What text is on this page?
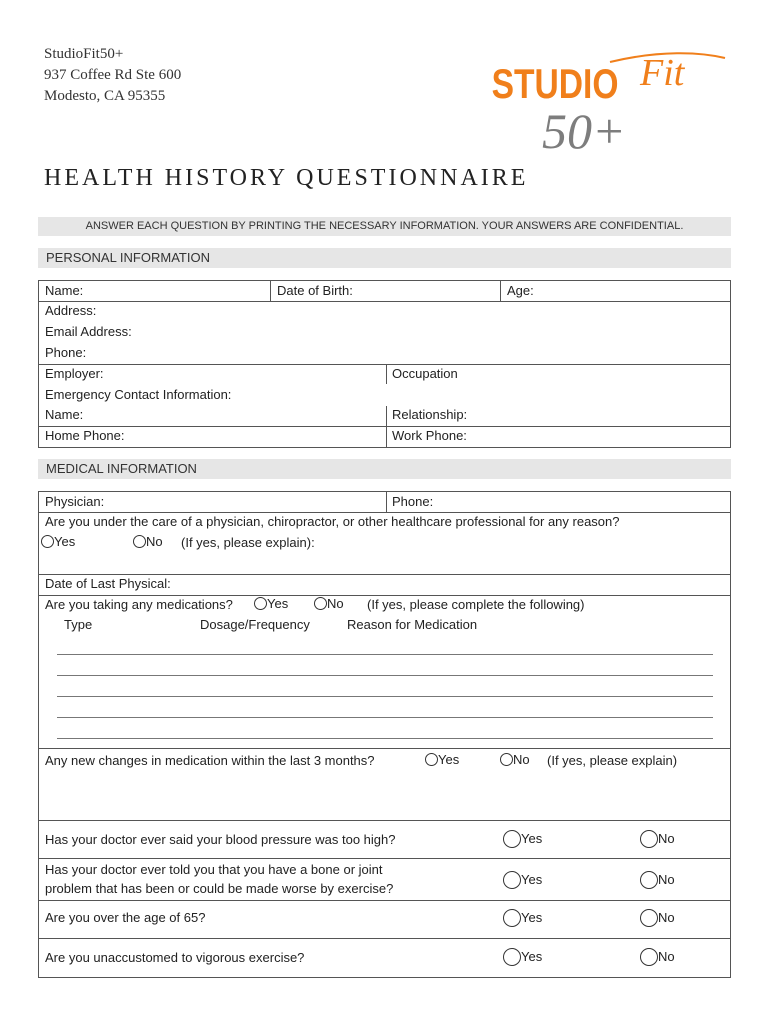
StudioFit50+
937 Coffee Rd Ste 600
Modesto, CA 95355	STUDIO Fit
50+
HEALTH HISTORY QUESTIONNAIRE
ANSWER EACH QUESTION BY PRINTING THE NECESSARY INFORMATION. YOUR ANSWERS ARE CONFIDENTIAL.
PERSONAL INFORMATION
Name:	Date of Birth:	Age:
Address:
Email Address:
Phone:
Employer:	Occupation
Emergency Contact Information:
Name:	Relationship:
Home Phone:	Work Phone:
MEDICAL INFORMATION
Physician:	Phone:
Are you under the care of a physician, chiropractor, or other healthcare professional for any reason?
Yes	No (If yes, please explain):
Date of Last Physical:
Are you taking any medications?	Yes	No (If yes, please complete the following)
Type	Dosage/Frequency	Reason for Medication
Any new changes in medication within the last 3 months?	Yes	No (If yes, please explain)
Has your doctor ever said your blood pressure was too high?	Yes	No
Has your doctor ever told you that you have a bone or joint
problem that has been or could be made worse by exercise?
Yes	No
Are you over the age of 65?	Yes	No
Are you unaccustomed to vigorous exercise?	Yes	No
